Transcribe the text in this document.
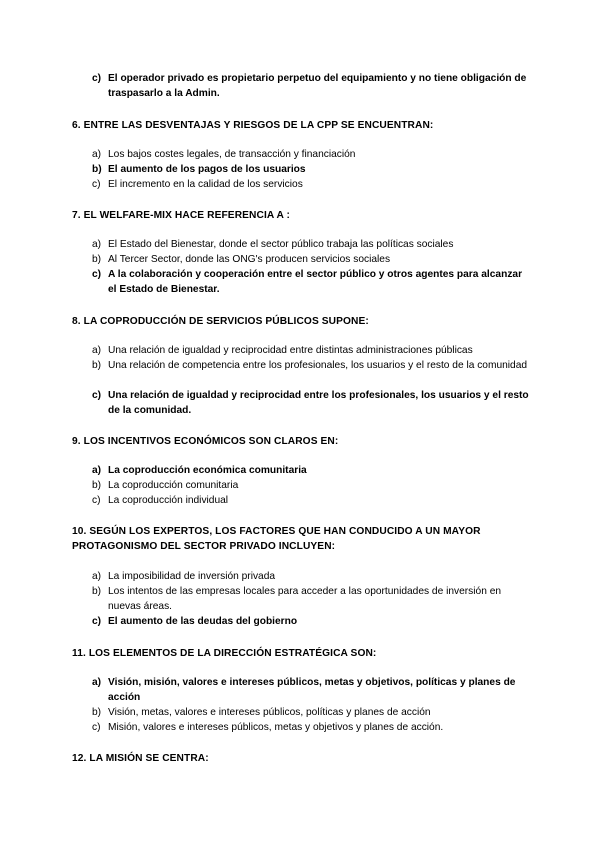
c) El operador privado es propietario perpetuo del equipamiento y no tiene obligación de traspasarlo a la Admin.
6. ENTRE LAS DESVENTAJAS Y RIESGOS DE LA CPP SE ENCUENTRAN:
a) Los bajos costes legales, de transacción y financiación
b) El aumento de los pagos de los usuarios
c) El incremento en la calidad de los servicios
7. EL WELFARE-MIX HACE REFERENCIA A :
a) El Estado del Bienestar, donde el sector público trabaja las políticas sociales
b) Al Tercer Sector, donde las ONG's producen servicios sociales
c) A la colaboración y cooperación entre el sector público y otros agentes para alcanzar el Estado de Bienestar.
8. LA COPRODUCCIÓN DE SERVICIOS PÚBLICOS SUPONE:
a) Una relación de igualdad y reciprocidad entre distintas administraciones públicas
b) Una relación de competencia entre los profesionales, los usuarios y el resto de la comunidad
c) Una relación de igualdad y reciprocidad entre los profesionales, los usuarios y el resto de la comunidad.
9. LOS INCENTIVOS ECONÓMICOS SON CLAROS EN:
a) La coproducción económica comunitaria
b) La coproducción comunitaria
c) La coproducción individual
10. SEGÚN LOS EXPERTOS, LOS FACTORES QUE HAN CONDUCIDO A UN MAYOR PROTAGONISMO DEL SECTOR PRIVADO INCLUYEN:
a) La imposibilidad de inversión privada
b) Los intentos de las empresas locales para acceder a las oportunidades de inversión en nuevas áreas.
c) El aumento de las deudas del gobierno
11. LOS ELEMENTOS DE LA DIRECCIÓN ESTRATÉGICA SON:
a) Visión, misión, valores e intereses públicos, metas y objetivos, políticas y planes de acción
b) Visión, metas, valores e intereses públicos, políticas y planes de acción
c) Misión, valores e intereses públicos, metas y objetivos y planes de acción.
12. LA MISIÓN SE CENTRA:
